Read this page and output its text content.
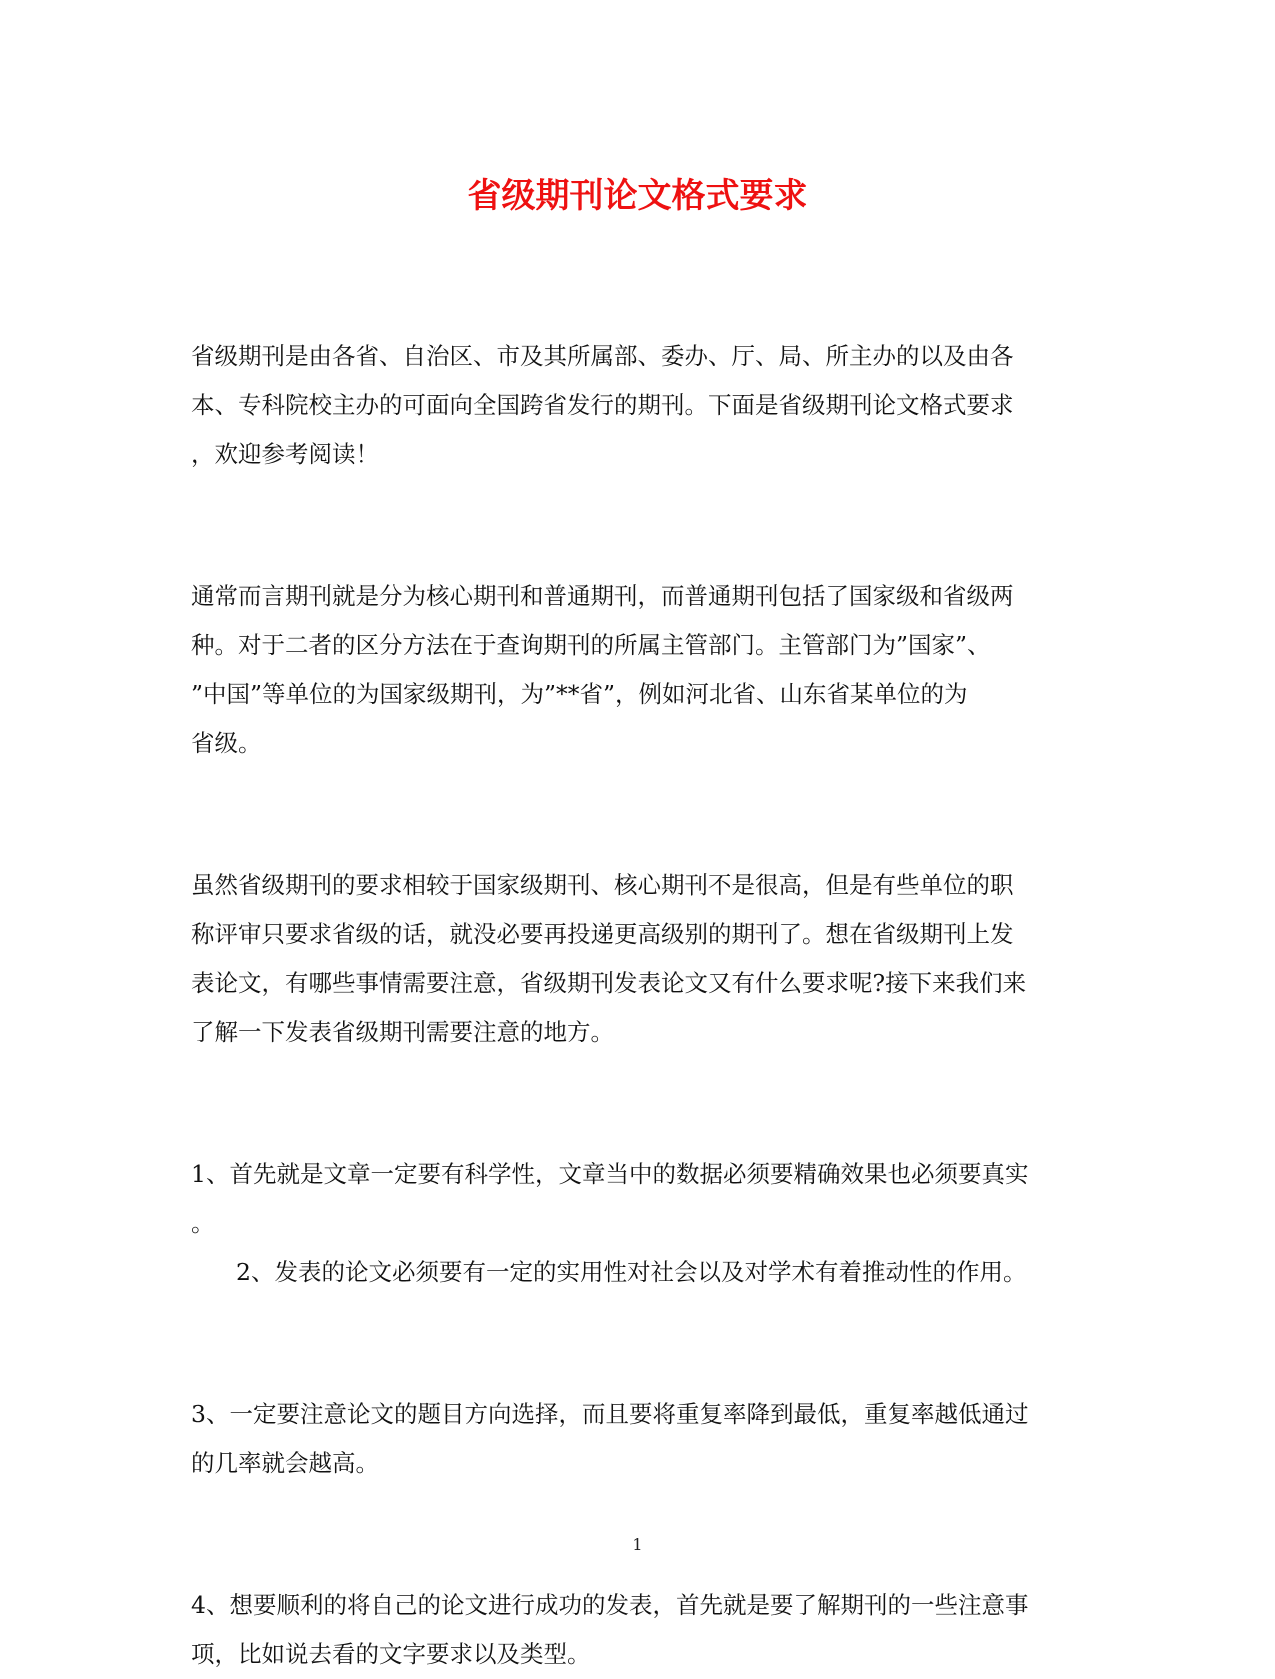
省级期刊论文格式要求

省级期刊是由各省、自治区、市及其所属部、委办、厅、局、所主办的以及由各
本、专科院校主办的可面向全国跨省发行的期刊。下面是省级期刊论文格式要求
，欢迎参考阅读！

通常而言期刊就是分为核心期刊和普通期刊，而普通期刊包括了国家级和省级两
种。对于二者的区分方法在于查询期刊的所属主管部门。主管部门为”国家”、
”中国”等单位的为国家级期刊，为”**省”，例如河北省、山东省某单位的为
省级。

虽然省级期刊的要求相较于国家级期刊、核心期刊不是很高，但是有些单位的职
称评审只要求省级的话，就没必要再投递更高级别的期刊了。想在省级期刊上发
表论文，有哪些事情需要注意，省级期刊发表论文又有什么要求呢?接下来我们来
了解一下发表省级期刊需要注意的地方。

1、首先就是文章一定要有科学性，文章当中的数据必须要精确效果也必须要真实
。
2、发表的论文必须要有一定的实用性对社会以及对学术有着推动性的作用。

3、一定要注意论文的题目方向选择，而且要将重复率降到最低，重复率越低通过
的几率就会越高。

4、想要顺利的将自己的论文进行成功的发表，首先就是要了解期刊的一些注意事
项，比如说去看的文字要求以及类型。

1
